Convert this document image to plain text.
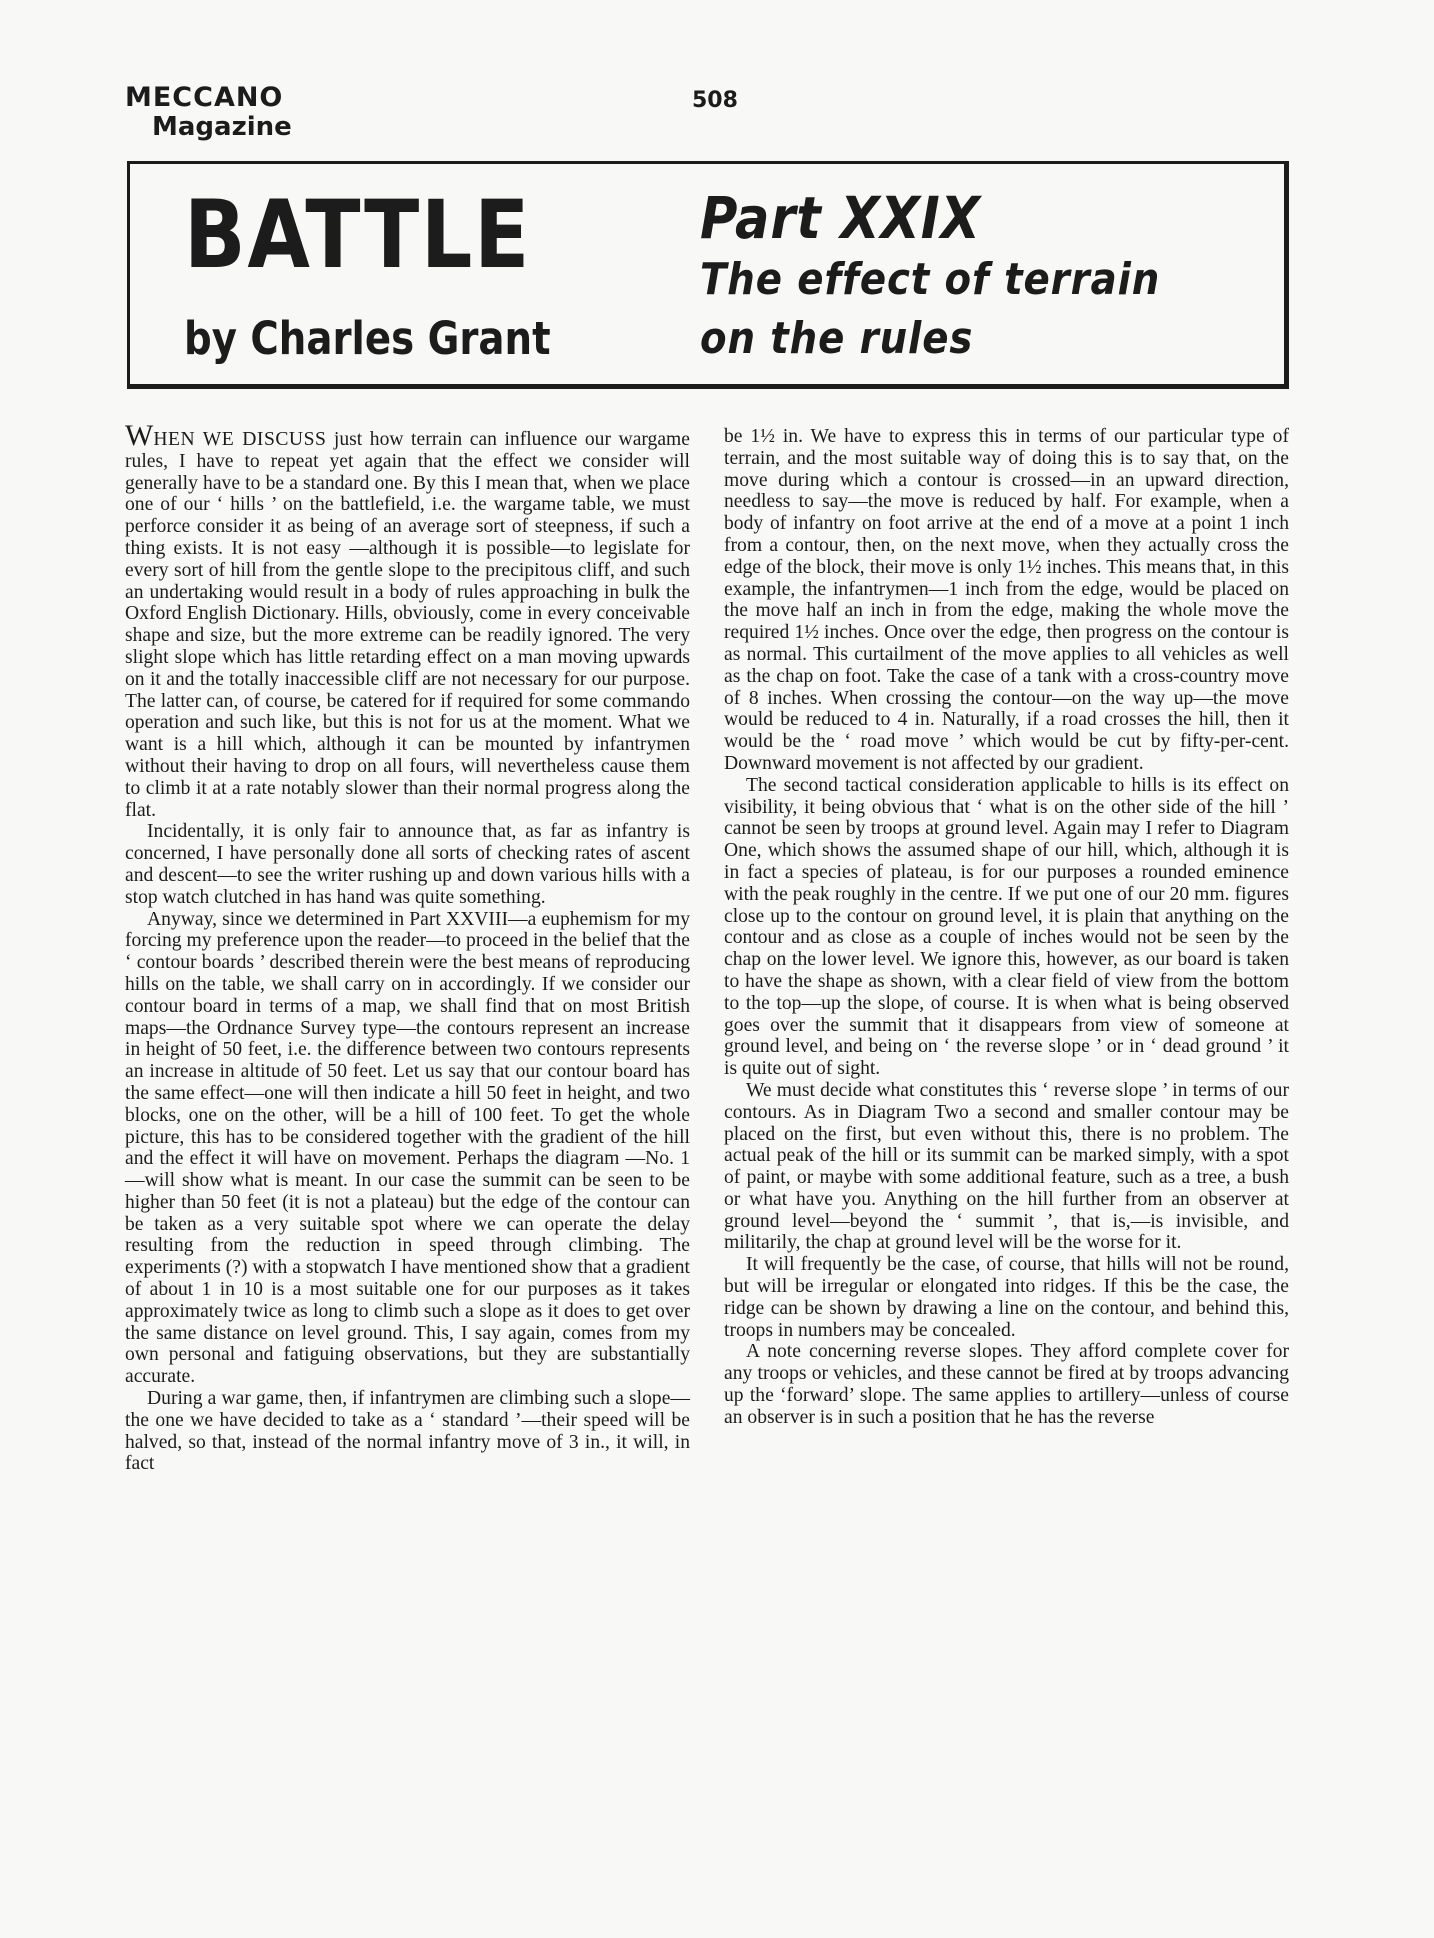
MECCANO
Magazine
508
BATTLE
by Charles Grant
Part XXIX
The effect of terrain
on the rules

WHEN WE DISCUSS just how terrain can influence our wargame rules, I have to repeat yet again that the effect we consider will generally have to be a standard one. By this I mean that, when we place one of our ‘ hills ’ on the battlefield, i.e. the wargame table, we must perforce consider it as being of an average sort of steepness, if such a thing exists. It is not easy —although it is possible—to legislate for every sort of hill from the gentle slope to the precipitous cliff, and such an undertaking would result in a body of rules approaching in bulk the Oxford English Dictionary. Hills, obviously, come in every conceivable shape and size, but the more extreme can be readily ignored. The very slight slope which has little retarding effect on a man moving upwards on it and the totally inaccessible cliff are not necessary for our purpose. The latter can, of course, be catered for if required for some commando operation and such like, but this is not for us at the moment. What we want is a hill which, although it can be mounted by infantrymen without their having to drop on all fours, will nevertheless cause them to climb it at a rate notably slower than their normal progress along the flat.

Incidentally, it is only fair to announce that, as far as infantry is concerned, I have personally done all sorts of checking rates of ascent and descent—to see the writer rushing up and down various hills with a stop watch clutched in has hand was quite something.

Anyway, since we determined in Part XXVIII—a euphemism for my forcing my preference upon the reader—to proceed in the belief that the ‘ contour boards ’ described therein were the best means of reproducing hills on the table, we shall carry on in accordingly. If we consider our contour board in terms of a map, we shall find that on most British maps—the Ordnance Survey type—the contours represent an increase in height of 50 feet, i.e. the difference between two contours represents an increase in altitude of 50 feet. Let us say that our contour board has the same effect—one will then indicate a hill 50 feet in height, and two blocks, one on the other, will be a hill of 100 feet. To get the whole picture, this has to be considered together with the gradient of the hill and the effect it will have on movement. Perhaps the diagram —No. 1—will show what is meant. In our case the summit can be seen to be higher than 50 feet (it is not a plateau) but the edge of the contour can be taken as a very suitable spot where we can operate the delay resulting from the reduction in speed through climbing. The experiments (?) with a stopwatch I have mentioned show that a gradient of about 1 in 10 is a most suitable one for our purposes as it takes approximately twice as long to climb such a slope as it does to get over the same distance on level ground. This, I say again, comes from my own personal and fatiguing observations, but they are substantially accurate.

During a war game, then, if infantrymen are climbing such a slope—the one we have decided to take as a ‘ standard ’—their speed will be halved, so that, instead of the normal infantry move of 3 in., it will, in fact

be 1½ in. We have to express this in terms of our particular type of terrain, and the most suitable way of doing this is to say that, on the move during which a contour is crossed—in an upward direction, needless to say—the move is reduced by half. For example, when a body of infantry on foot arrive at the end of a move at a point 1 inch from a contour, then, on the next move, when they actually cross the edge of the block, their move is only 1½ inches. This means that, in this example, the infantrymen—1 inch from the edge, would be placed on the move half an inch in from the edge, making the whole move the required 1½ inches. Once over the edge, then progress on the contour is as normal. This curtailment of the move applies to all vehicles as well as the chap on foot. Take the case of a tank with a cross-country move of 8 inches. When crossing the contour—on the way up—the move would be reduced to 4 in. Naturally, if a road crosses the hill, then it would be the ‘ road move ’ which would be cut by fifty-per-cent. Downward movement is not affected by our gradient.

The second tactical consideration applicable to hills is its effect on visibility, it being obvious that ‘ what is on the other side of the hill ’ cannot be seen by troops at ground level. Again may I refer to Diagram One, which shows the assumed shape of our hill, which, although it is in fact a species of plateau, is for our purposes a rounded eminence with the peak roughly in the centre. If we put one of our 20 mm. figures close up to the contour on ground level, it is plain that anything on the contour and as close as a couple of inches would not be seen by the chap on the lower level. We ignore this, however, as our board is taken to have the shape as shown, with a clear field of view from the bottom to the top—up the slope, of course. It is when what is being observed goes over the summit that it disappears from view of someone at ground level, and being on ‘ the reverse slope ’ or in ‘ dead ground ’ it is quite out of sight.

We must decide what constitutes this ‘ reverse slope ’ in terms of our contours. As in Diagram Two a second and smaller contour may be placed on the first, but even without this, there is no problem. The actual peak of the hill or its summit can be marked simply, with a spot of paint, or maybe with some additional feature, such as a tree, a bush or what have you. Anything on the hill further from an observer at ground level—beyond the ‘ summit ’, that is,—is invisible, and militarily, the chap at ground level will be the worse for it.

It will frequently be the case, of course, that hills will not be round, but will be irregular or elongated into ridges. If this be the case, the ridge can be shown by drawing a line on the contour, and behind this, troops in numbers may be concealed.

A note concerning reverse slopes. They afford complete cover for any troops or vehicles, and these cannot be fired at by troops advancing up the ‘forward’ slope. The same applies to artillery—unless of course an observer is in such a position that he has the reverse
